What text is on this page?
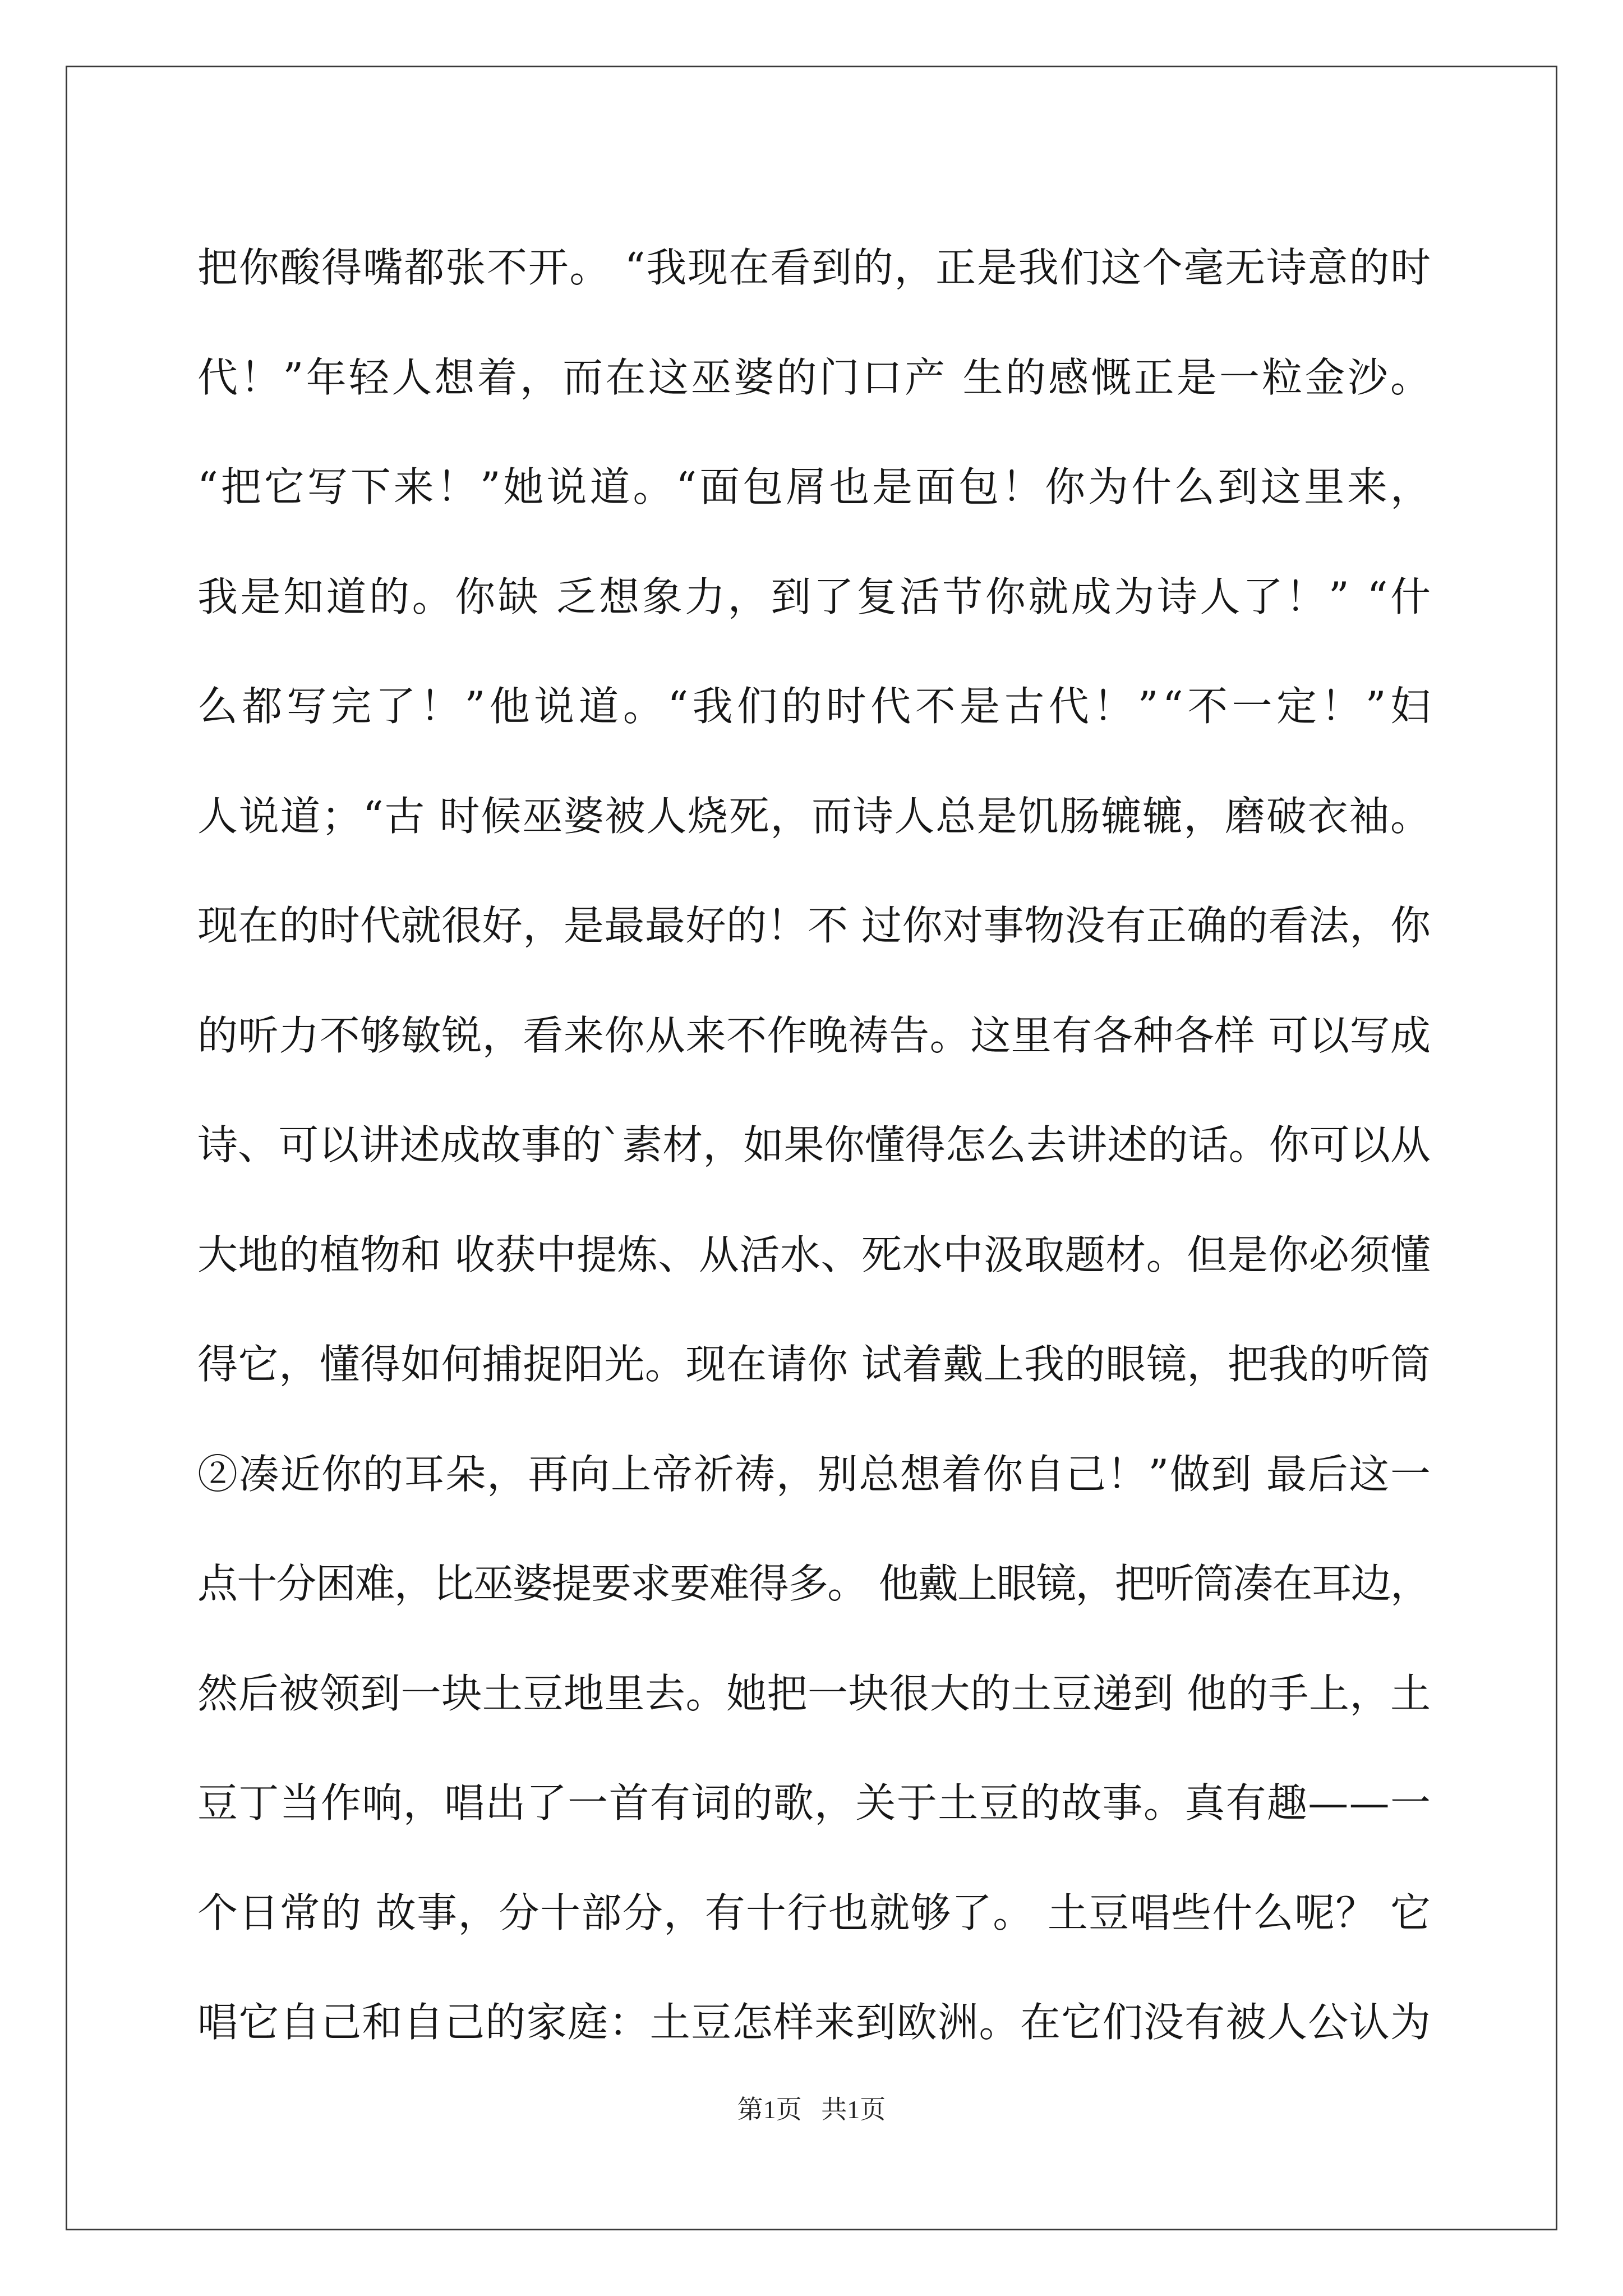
把你酸得嘴都张不开。 “我现在看到的，正是我们这个毫无诗意的时
代！”年轻人想着，而在这巫婆的门口产 生的感慨正是一粒金沙。
“把它写下来！”她说道。“面包屑也是面包！你为什么到这里来，
我是知道的。你缺 乏想象力，到了复活节你就成为诗人了！” “什
么都写完了！”他说道。“我们的时代不是古代！”“不一定！”妇
人说道；“古 时候巫婆被人烧死，而诗人总是饥肠辘辘，磨破衣袖。
现在的时代就很好，是最最好的！不 过你对事物没有正确的看法，你
的听力不够敏锐，看来你从来不作晚祷告。这里有各种各样 可以写成
诗、可以讲述成故事的`素材，如果你懂得怎么去讲述的话。你可以从
大地的植物和 收获中提炼、从活水、死水中汲取题材。但是你必须懂
得它，懂得如何捕捉阳光。现在请你 试着戴上我的眼镜，把我的听筒
②凑近你的耳朵，再向上帝祈祷，别总想着你自己！”做到 最后这一
点十分困难，比巫婆提要求要难得多。 他戴上眼镜，把听筒凑在耳边，
然后被领到一块土豆地里去。她把一块很大的土豆递到 他的手上，土
豆丁当作响，唱出了一首有词的歌，关于土豆的故事。真有趣——一
个日常的 故事，分十部分，有十行也就够了。 土豆唱些什么呢？ 它
唱它自己和自己的家庭：土豆怎样来到欧洲。在它们没有被人公认为
第1页   共1页
